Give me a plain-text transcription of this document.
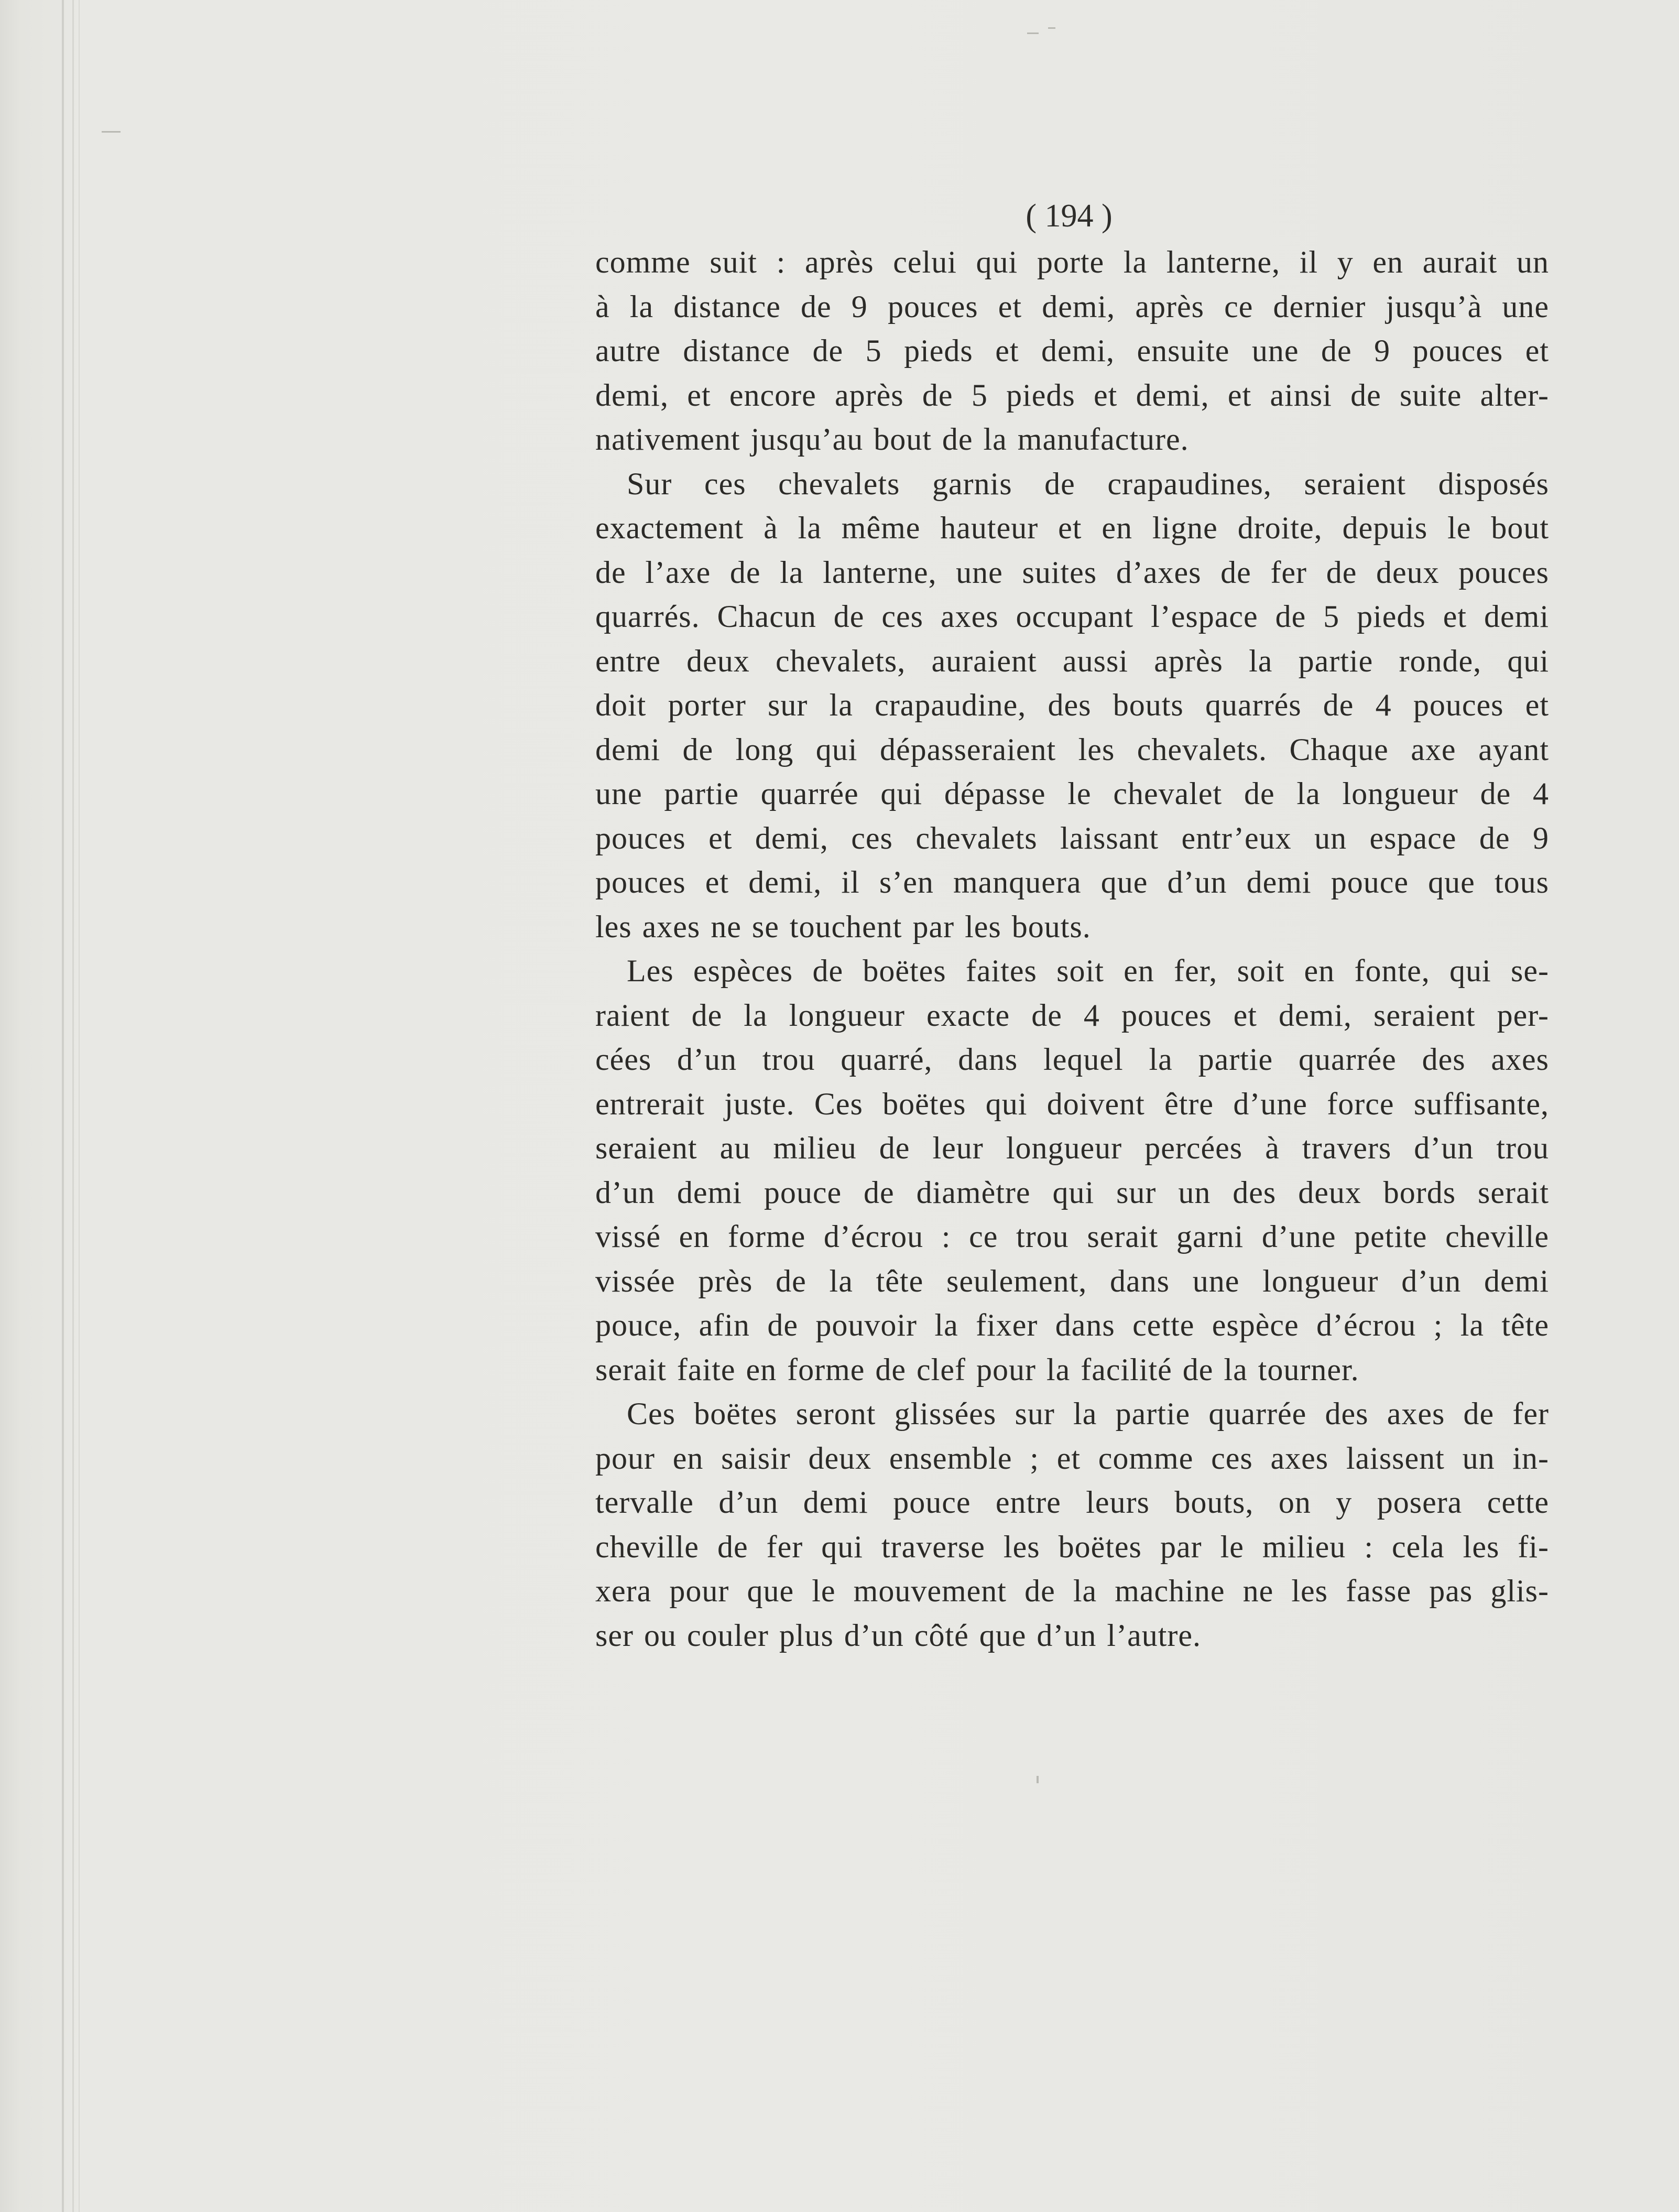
( 194 )
comme suit : après celui qui porte la lanterne, il y en aurait un
à la distance de 9 pouces et demi, après ce dernier jusqu’à une
autre distance de 5 pieds et demi, ensuite une de 9 pouces et
demi, et encore après de 5 pieds et demi, et ainsi de suite alter-
nativement jusqu’au bout de la manufacture.
Sur ces chevalets garnis de crapaudines, seraient disposés
exactement à la même hauteur et en ligne droite, depuis le bout
de l’axe de la lanterne, une suites d’axes de fer de deux pouces
quarrés. Chacun de ces axes occupant l’espace de 5 pieds et demi
entre deux chevalets, auraient aussi après la partie ronde, qui
doit porter sur la crapaudine, des bouts quarrés de 4 pouces et
demi de long qui dépasseraient les chevalets. Chaque axe ayant
une partie quarrée qui dépasse le chevalet de la longueur de 4
pouces et demi, ces chevalets laissant entr’eux un espace de 9
pouces et demi, il s’en manquera que d’un demi pouce que tous
les axes ne se touchent par les bouts.
Les espèces de boëtes faites soit en fer, soit en fonte, qui se-
raient de la longueur exacte de 4 pouces et demi, seraient per-
cées d’un trou quarré, dans lequel la partie quarrée des axes
entrerait juste. Ces boëtes qui doivent être d’une force suffisante,
seraient au milieu de leur longueur percées à travers d’un trou
d’un demi pouce de diamètre qui sur un des deux bords serait
vissé en forme d’écrou : ce trou serait garni d’une petite cheville
vissée près de la tête seulement, dans une longueur d’un demi
pouce, afin de pouvoir la fixer dans cette espèce d’écrou ; la tête
serait faite en forme de clef pour la facilité de la tourner.
Ces boëtes seront glissées sur la partie quarrée des axes de fer
pour en saisir deux ensemble ; et comme ces axes laissent un in-
tervalle d’un demi pouce entre leurs bouts, on y posera cette
cheville de fer qui traverse les boëtes par le milieu : cela les fi-
xera pour que le mouvement de la machine ne les fasse pas glis-
ser ou couler plus d’un côté que d’un l’autre.
